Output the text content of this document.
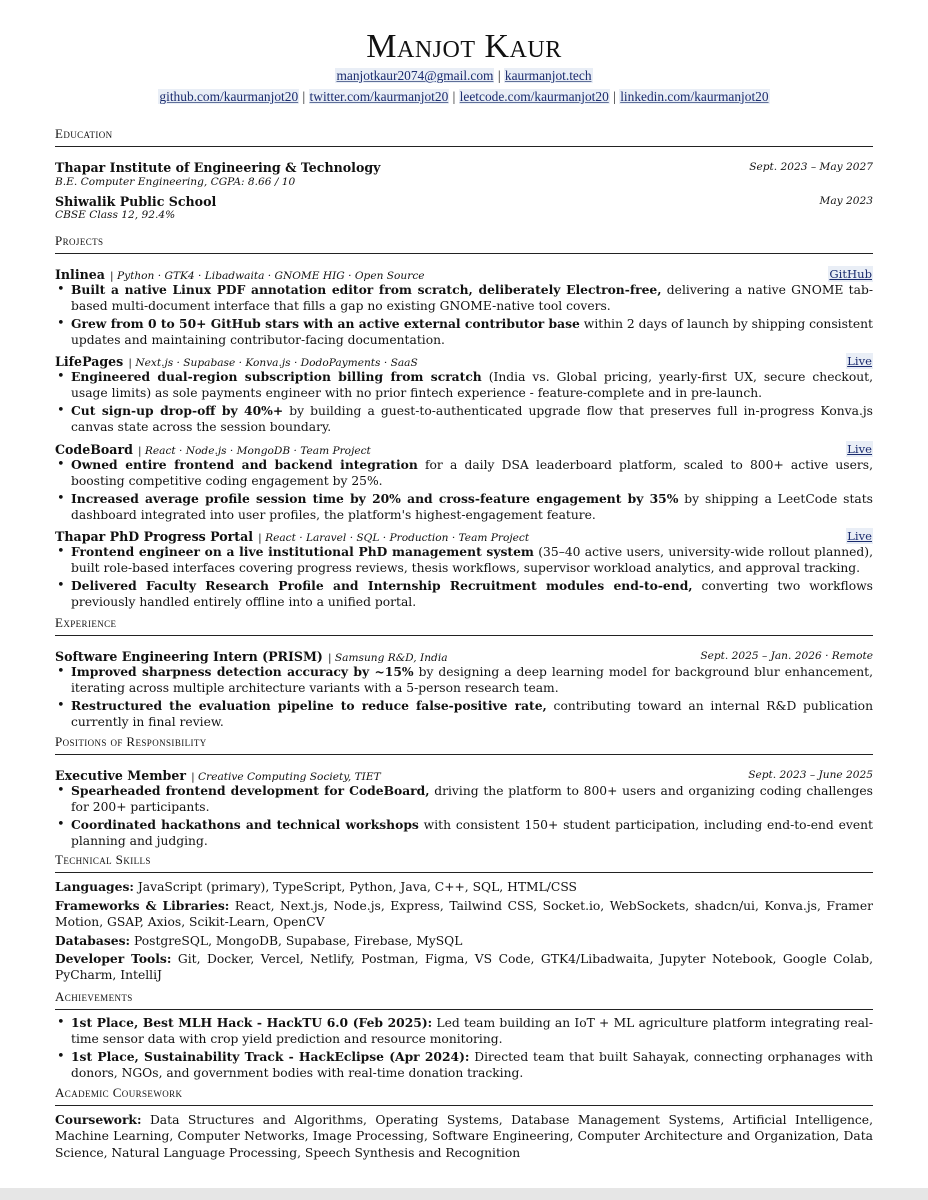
Manjot Kaur
manjotkaur2074@gmail.com | kaurmanjot.tech
github.com/kaurmanjot20 | twitter.com/kaurmanjot20 | leetcode.com/kaurmanjot20 | linkedin.com/kaurmanjot20
Education
Thapar Institute of Engineering & Technology	Sept. 2023 – May 2027
B.E. Computer Engineering, CGPA: 8.66 / 10
Shiwalik Public School	May 2023
CBSE Class 12, 92.4%
Projects
Inlinea | Python · GTK4 · Libadwaita · GNOME HIG · Open Source	GitHub
• Built a native Linux PDF annotation editor from scratch, deliberately Electron-free, delivering a native GNOME tab-based multi-document interface that fills a gap no existing GNOME-native tool covers.
• Grew from 0 to 50+ GitHub stars with an active external contributor base within 2 days of launch by shipping consistent updates and maintaining contributor-facing documentation.
LifePages | Next.js · Supabase · Konva.js · DodoPayments · SaaS	Live
• Engineered dual-region subscription billing from scratch (India vs. Global pricing, yearly-first UX, secure checkout, usage limits) as sole payments engineer with no prior fintech experience - feature-complete and in pre-launch.
• Cut sign-up drop-off by 40%+ by building a guest-to-authenticated upgrade flow that preserves full in-progress Konva.js canvas state across the session boundary.
CodeBoard | React · Node.js · MongoDB · Team Project	Live
• Owned entire frontend and backend integration for a daily DSA leaderboard platform, scaled to 800+ active users, boosting competitive coding engagement by 25%.
• Increased average profile session time by 20% and cross-feature engagement by 35% by shipping a LeetCode stats dashboard integrated into user profiles, the platform's highest-engagement feature.
Thapar PhD Progress Portal | React · Laravel · SQL · Production · Team Project	Live
• Frontend engineer on a live institutional PhD management system (35–40 active users, university-wide rollout planned), built role-based interfaces covering progress reviews, thesis workflows, supervisor workload analytics, and approval tracking.
• Delivered Faculty Research Profile and Internship Recruitment modules end-to-end, converting two workflows previously handled entirely offline into a unified portal.
Experience
Software Engineering Intern (PRISM) | Samsung R&D, India	Sept. 2025 – Jan. 2026 · Remote
• Improved sharpness detection accuracy by ~15% by designing a deep learning model for background blur enhancement, iterating across multiple architecture variants with a 5-person research team.
• Restructured the evaluation pipeline to reduce false-positive rate, contributing toward an internal R&D publication currently in final review.
Positions of Responsibility
Executive Member | Creative Computing Society, TIET	Sept. 2023 – June 2025
• Spearheaded frontend development for CodeBoard, driving the platform to 800+ users and organizing coding challenges for 200+ participants.
• Coordinated hackathons and technical workshops with consistent 150+ student participation, including end-to-end event planning and judging.
Technical Skills
Languages: JavaScript (primary), TypeScript, Python, Java, C++, SQL, HTML/CSS
Frameworks & Libraries: React, Next.js, Node.js, Express, Tailwind CSS, Socket.io, WebSockets, shadcn/ui, Konva.js, Framer Motion, GSAP, Axios, Scikit-Learn, OpenCV
Databases: PostgreSQL, MongoDB, Supabase, Firebase, MySQL
Developer Tools: Git, Docker, Vercel, Netlify, Postman, Figma, VS Code, GTK4/Libadwaita, Jupyter Notebook, Google Colab, PyCharm, IntelliJ
Achievements
• 1st Place, Best MLH Hack - HackTU 6.0 (Feb 2025): Led team building an IoT + ML agriculture platform integrating real-time sensor data with crop yield prediction and resource monitoring.
• 1st Place, Sustainability Track - HackEclipse (Apr 2024): Directed team that built Sahayak, connecting orphanages with donors, NGOs, and government bodies with real-time donation tracking.
Academic Coursework
Coursework: Data Structures and Algorithms, Operating Systems, Database Management Systems, Artificial Intelligence, Machine Learning, Computer Networks, Image Processing, Software Engineering, Computer Architecture and Organization, Data Science, Natural Language Processing, Speech Synthesis and Recognition
